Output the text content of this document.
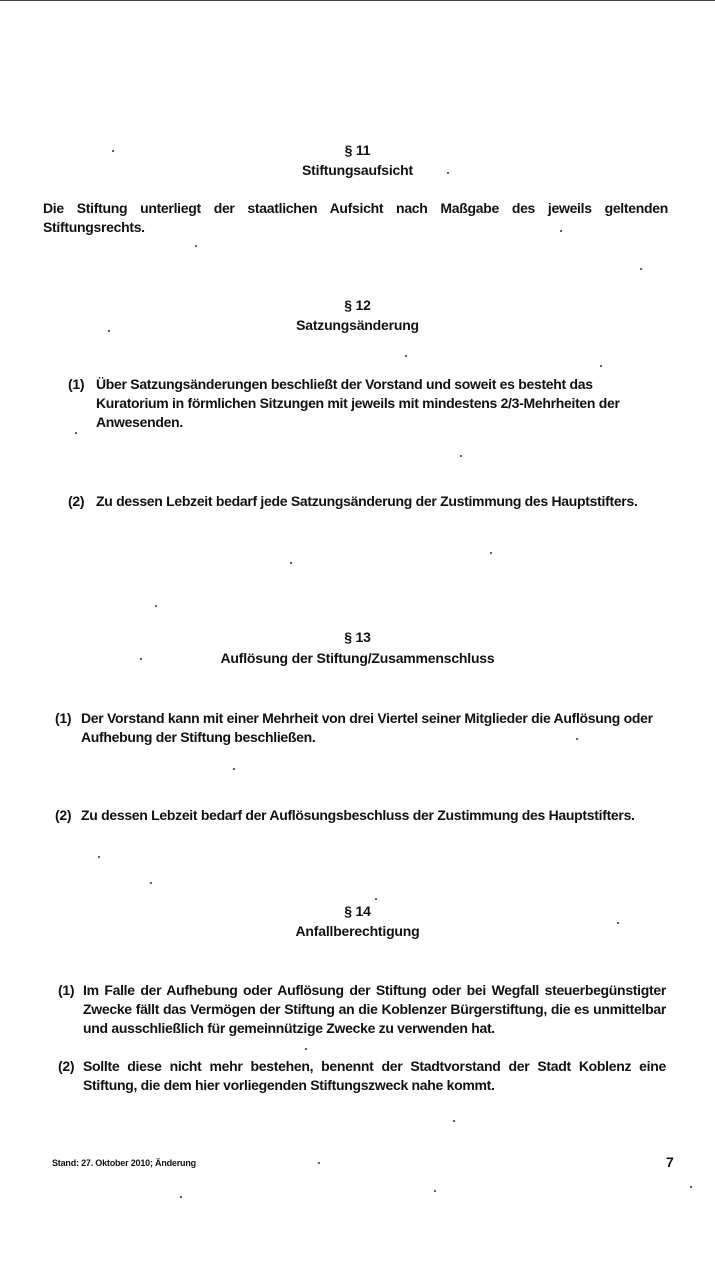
§ 11
Stiftungsaufsicht
Die Stiftung unterliegt der staatlichen Aufsicht nach Maßgabe des jeweils geltenden Stiftungsrechts.
§ 12
Satzungsänderung
(1) Über Satzungsänderungen beschließt der Vorstand und soweit es besteht das Kuratorium in förmlichen Sitzungen mit jeweils mit mindestens 2/3-Mehrheiten der Anwesenden.
(2) Zu dessen Lebzeit bedarf jede Satzungsänderung der Zustimmung des Hauptstifters.
§ 13
Auflösung der Stiftung/Zusammenschluss
(1) Der Vorstand kann mit einer Mehrheit von drei Viertel seiner Mitglieder die Auflösung oder Aufhebung der Stiftung beschließen.
(2) Zu dessen Lebzeit bedarf der Auflösungsbeschluss der Zustimmung des Hauptstifters.
§ 14
Anfallberechtigung
(1) Im Falle der Aufhebung oder Auflösung der Stiftung oder bei Wegfall steuerbegünstigter Zwecke fällt das Vermögen der Stiftung an die Koblenzer Bürgerstiftung, die es unmittelbar und ausschließlich für gemeinnützige Zwecke zu verwenden hat.
(2) Sollte diese nicht mehr bestehen, benennt der Stadtvorstand der Stadt Koblenz eine Stiftung, die dem hier vorliegenden Stiftungszweck nahe kommt.
Stand: 27. Oktober 2010; Änderung	7
